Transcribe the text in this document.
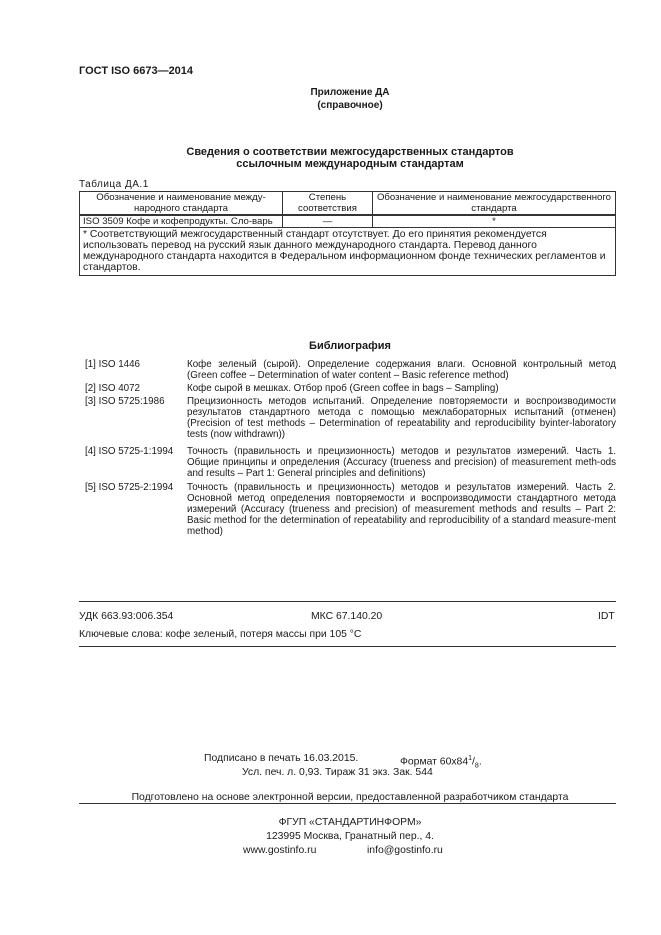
ГОСТ ISO 6673—2014
Приложение ДА
(справочное)
Сведения о соответствии межгосударственных стандартов
ссылочным международным стандартам
Таблица ДА.1
Обозначение и наименование между-народного стандарта	Степень соответствия	Обозначение и наименование межгосударственного стандарта
ISO 3509 Кофе и кофепродукты. Сло-варь	—	*
* Соответствующий межгосударственный стандарт отсутствует. До его принятия рекомендуется использовать перевод на русский язык данного международного стандарта. Перевод данного международного стандарта находится в Федеральном информационном фонде технических регламентов и стандартов.		
Библиография
[1] ISO 1446	Кофе зеленый (сырой). Определение содержания влаги. Основной контрольный метод (Green coffee – Determination of water content – Basic reference method)
[2] ISO 4072	Кофе сырой в мешках. Отбор проб (Green coffee in bags – Sampling)
[3] ISO 5725:1986	Прецизионность методов испытаний. Определение повторяемости и воспроизводимости результатов стандартного метода с помощью межлабораторных испытаний (отменен) (Precision of test methods – Determination of repeatability and reproducibility byinter-laboratory tests (now withdrawn))
[4] ISO 5725-1:1994	Точность (правильность и прецизионность) методов и результатов измерений. Часть 1. Общие принципы и определения (Accuracy (trueness and precision) of measurement meth-ods and results – Part 1: General principles and definitions)
[5] ISO 5725-2:1994	Точность (правильность и прецизионность) методов и результатов измерений. Часть 2. Основной метод определения повторяемости и воспроизводимости стандартного метода измерений (Accuracy (trueness and precision) of measurement methods and results – Part 2: Basic method for the determination of repeatability and reproducibility of a standard measure-ment method)
УДК 663.93:006.354	МКС 67.140.20	IDT
Ключевые слова: кофе зеленый, потеря массы при 105 °С
Подписано в печать 16.03.2015.	Формат $60x84^1/_8$.
Усл. печ. л. 0,93. Тираж 31 экз. Зак. 544
Подготовлено на основе электронной версии, предоставленной разработчиком стандарта
ФГУП «СТАНДАРТИНФОРМ»
123995 Москва, Гранатный пер., 4.
www.gostinfo.ru	info@gostinfo.ru
